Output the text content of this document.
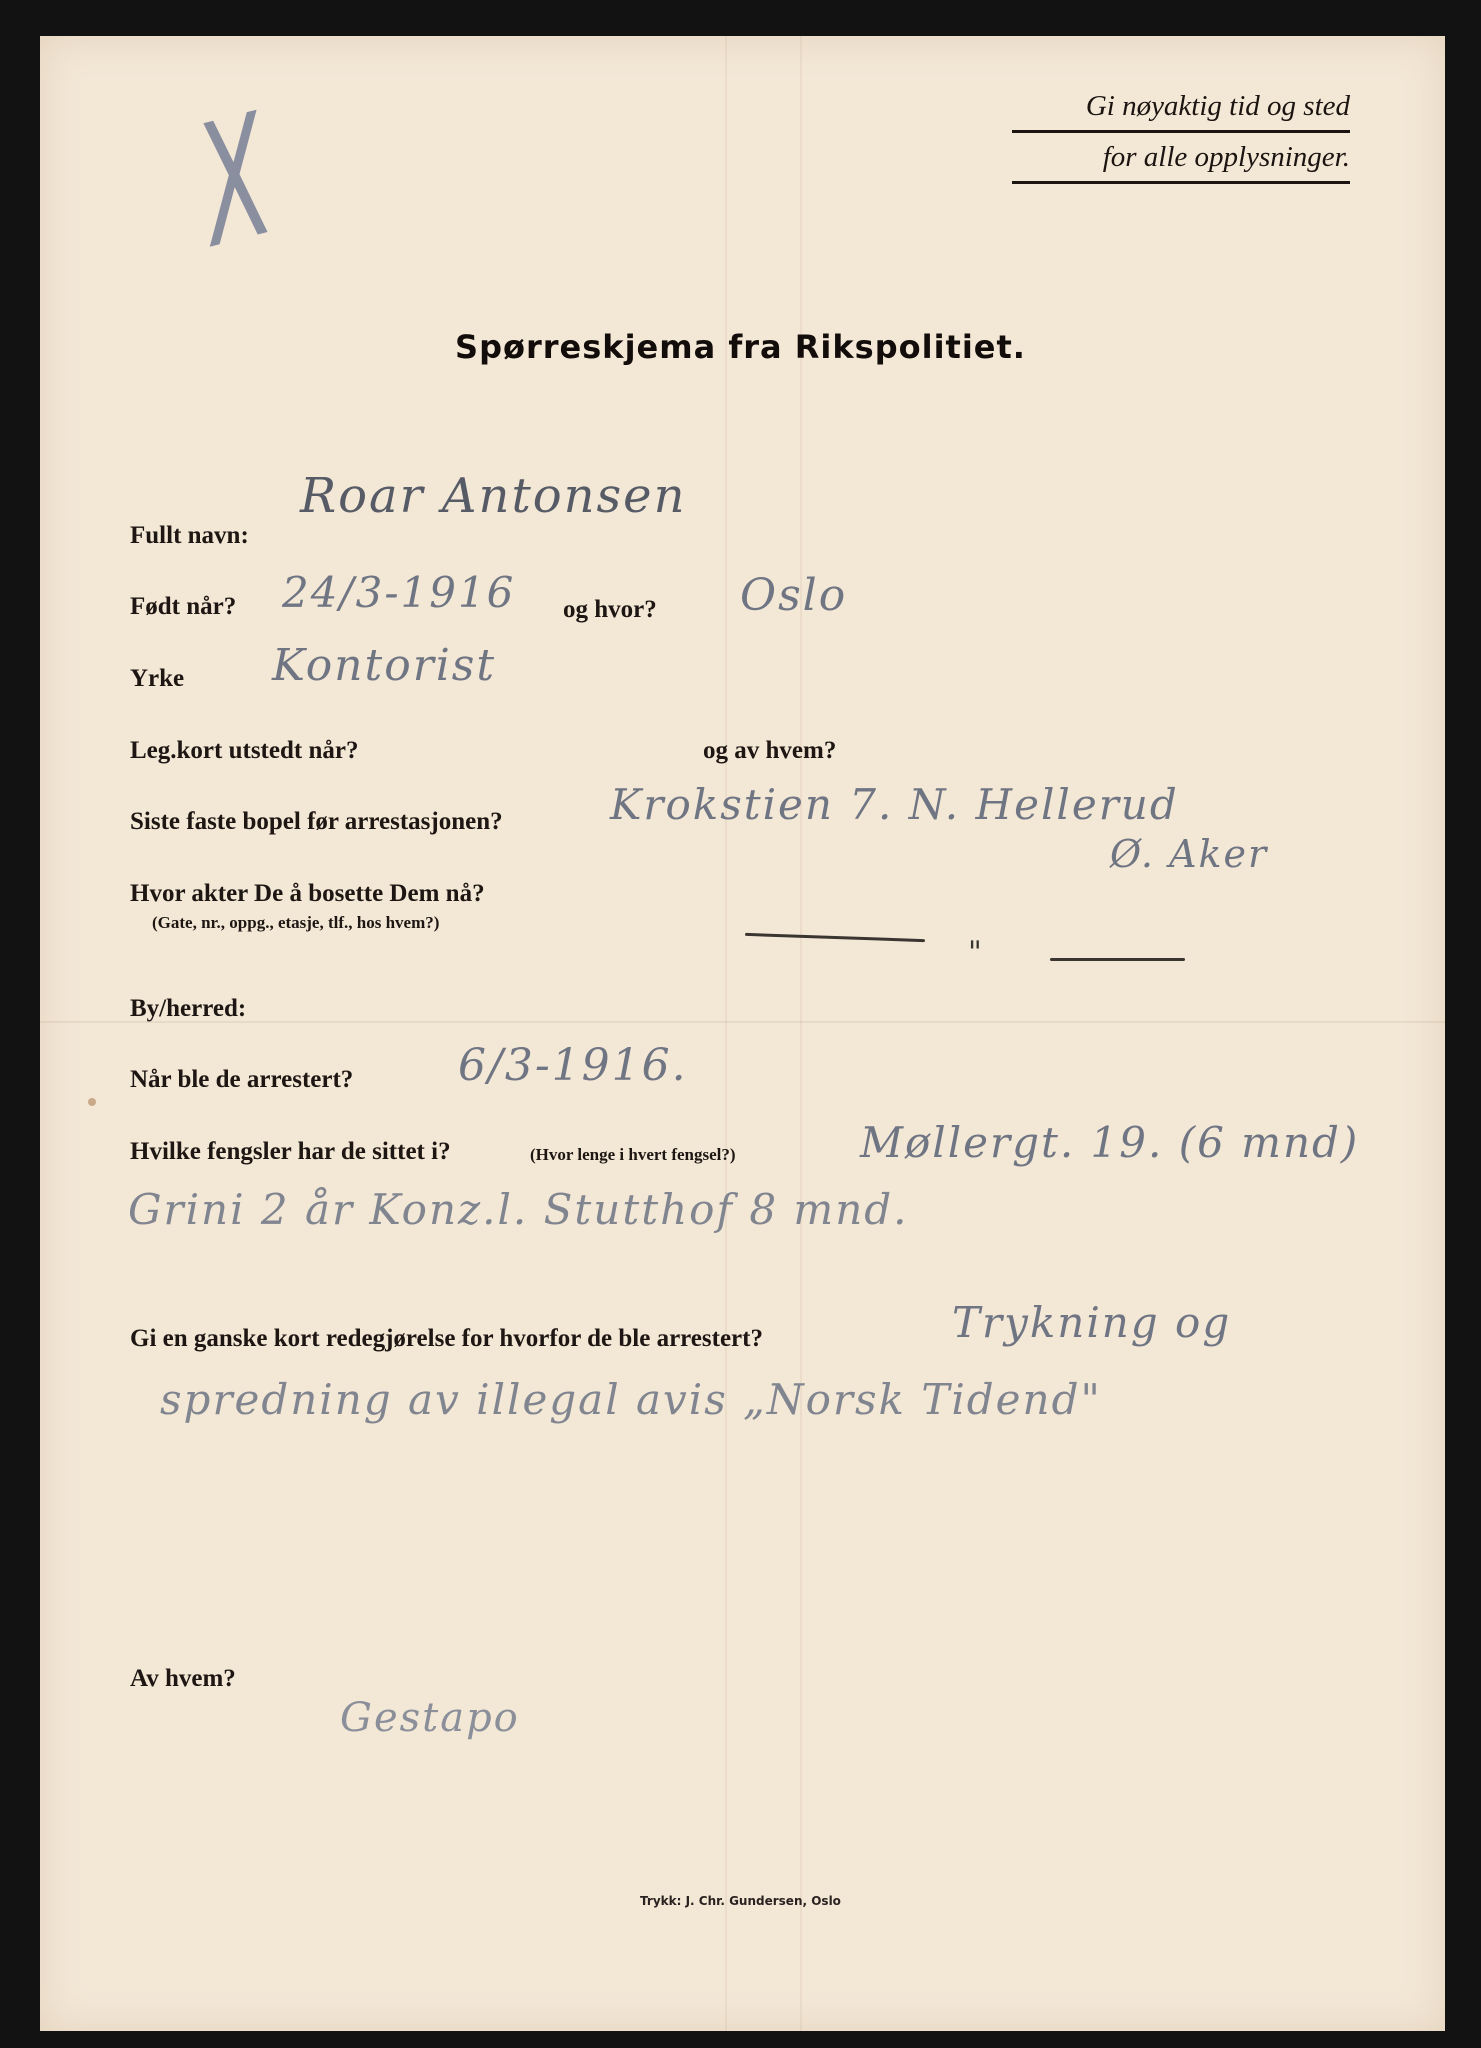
X	Gi nøyaktig tid og sted
for alle opplysninger.
Spørreskjema fra Rikspolitiet.
Fullt navn:
Roar Antonsen
Født når? 24/3-1916 og hvor? Oslo
Yrke Kontorist
Leg.kort utstedt når?	og av hvem?
Siste faste bopel før arrestasjonen?	Krokstien 7. N. Hellerud
Ø. Aker
Hvor akter De å bosette Dem nå?
(Gate, nr., oppg., etasje, tlf., hos hvem?)
"
By/herred:
Når ble de arrestert? 6/3-1916.
Hvilke fengsler har de sittet i?	(Hvor lenge i hvert fengsel?)	Møllergt. 19. (6 mnd)
Grini 2 år Konz.l. Stutthof 8 mnd.
Gi en ganske kort redegjørelse for hvorfor de ble arrestert?	Trykning og
spredning av illegal avis „Norsk Tidend"
Av hvem?
Gestapo
Trykk: J. Chr. Gundersen, Oslo
